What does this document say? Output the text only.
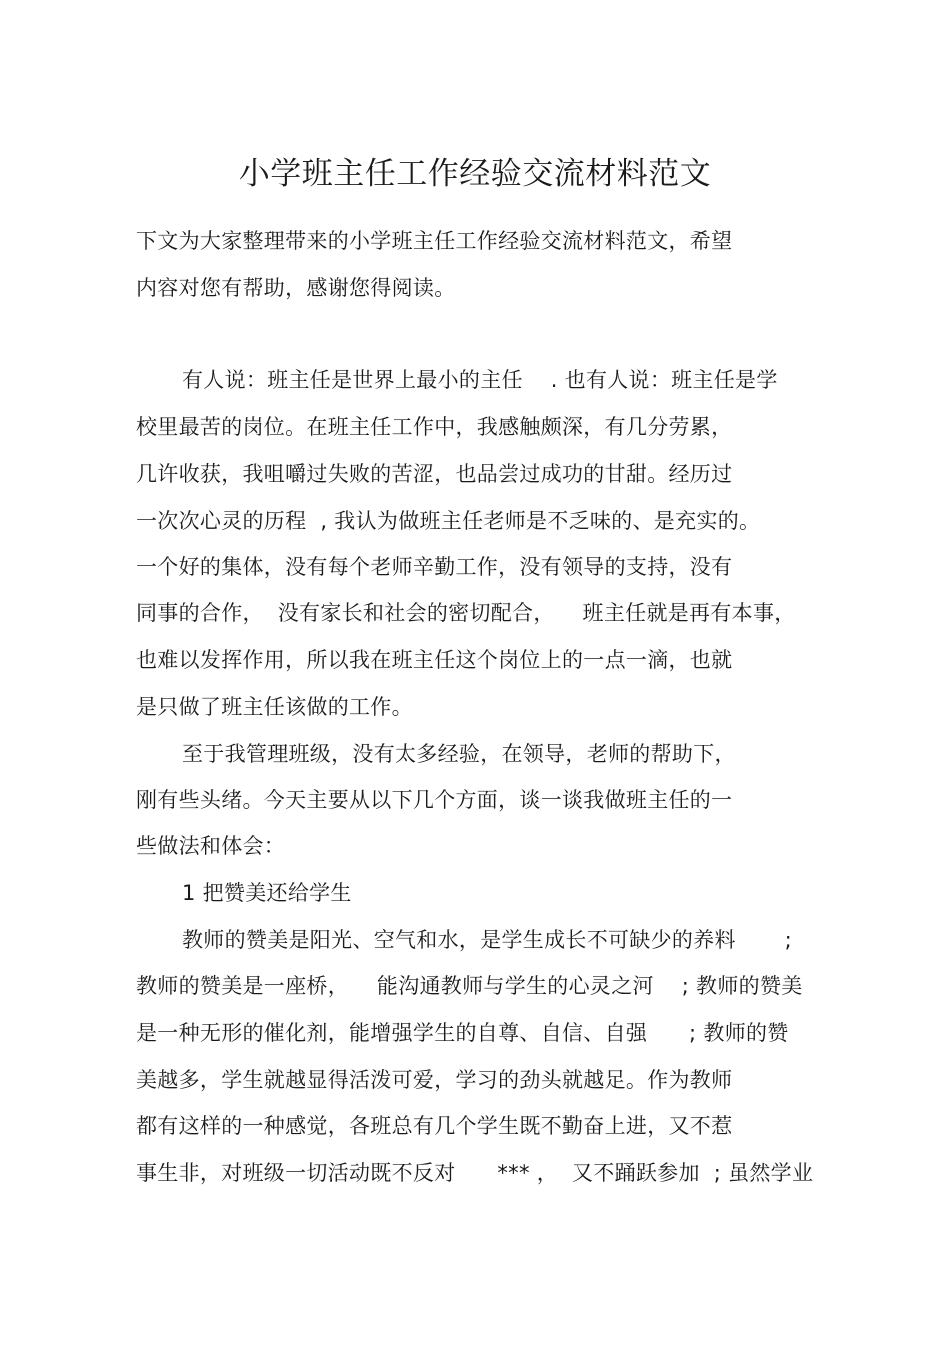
小学班主任工作经验交流材料范文
下文为大家整理带来的小学班主任工作经验交流材料范文，希望
内容对您有帮助，感谢您得阅读。
有人说：班主任是世界上最小的主任    . 也有人说：班主任是学
校里最苦的岗位。在班主任工作中，我感触颇深，有几分劳累，
几许收获，我咀嚼过失败的苦涩，也品尝过成功的甘甜。经历过
一次次心灵的历程  , 我认为做班主任老师是不乏味的、是充实的。
一个好的集体，没有每个老师辛勤工作，没有领导的支持，没有
同事的合作，  没有家长和社会的密切配合，    班主任就是再有本事，
也难以发挥作用，所以我在班主任这个岗位上的一点一滴，也就
是只做了班主任该做的工作。
至于我管理班级，没有太多经验，在领导，老师的帮助下，
刚有些头绪。今天主要从以下几个方面，谈一谈我做班主任的一
些做法和体会：
1 把赞美还给学生
教师的赞美是阳光、空气和水，是学生成长不可缺少的养料       ;
教师的赞美是一座桥，    能沟通教师与学生的心灵之河    ; 教师的赞美
是一种无形的催化剂，能增强学生的自尊、自信、自强      ; 教师的赞
美越多，学生就越显得活泼可爱，学习的劲头就越足。作为教师
都有这样的一种感觉，各班总有几个学生既不勤奋上进，又不惹
事生非，对班级一切活动既不反对      *** ，  又不踊跃参加  ; 虽然学业
